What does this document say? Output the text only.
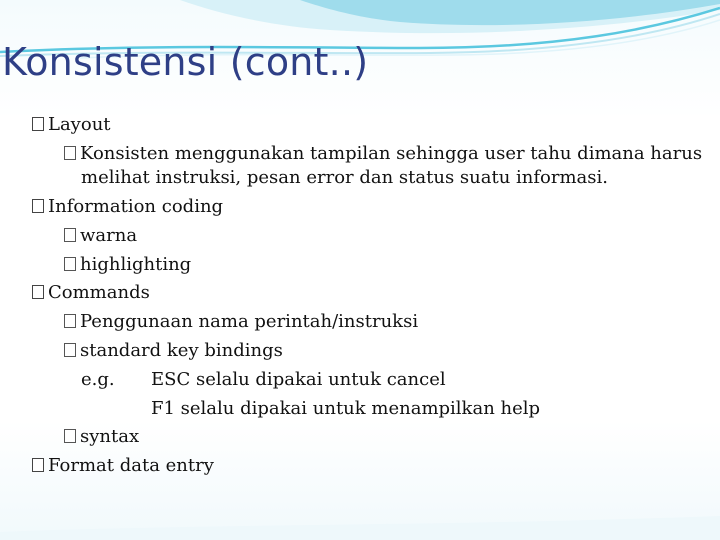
Konsistensi (cont..)
Layout
Konsisten menggunakan tampilan sehingga user tahu dimana harus
melihat instruksi, pesan error dan status suatu informasi.
Information coding
warna
highlighting
Commands
Penggunaan nama perintah/instruksi
standard key bindings
e.g. ESC selalu dipakai untuk cancel
F1 selalu dipakai untuk menampilkan help
syntax
Format data entry
